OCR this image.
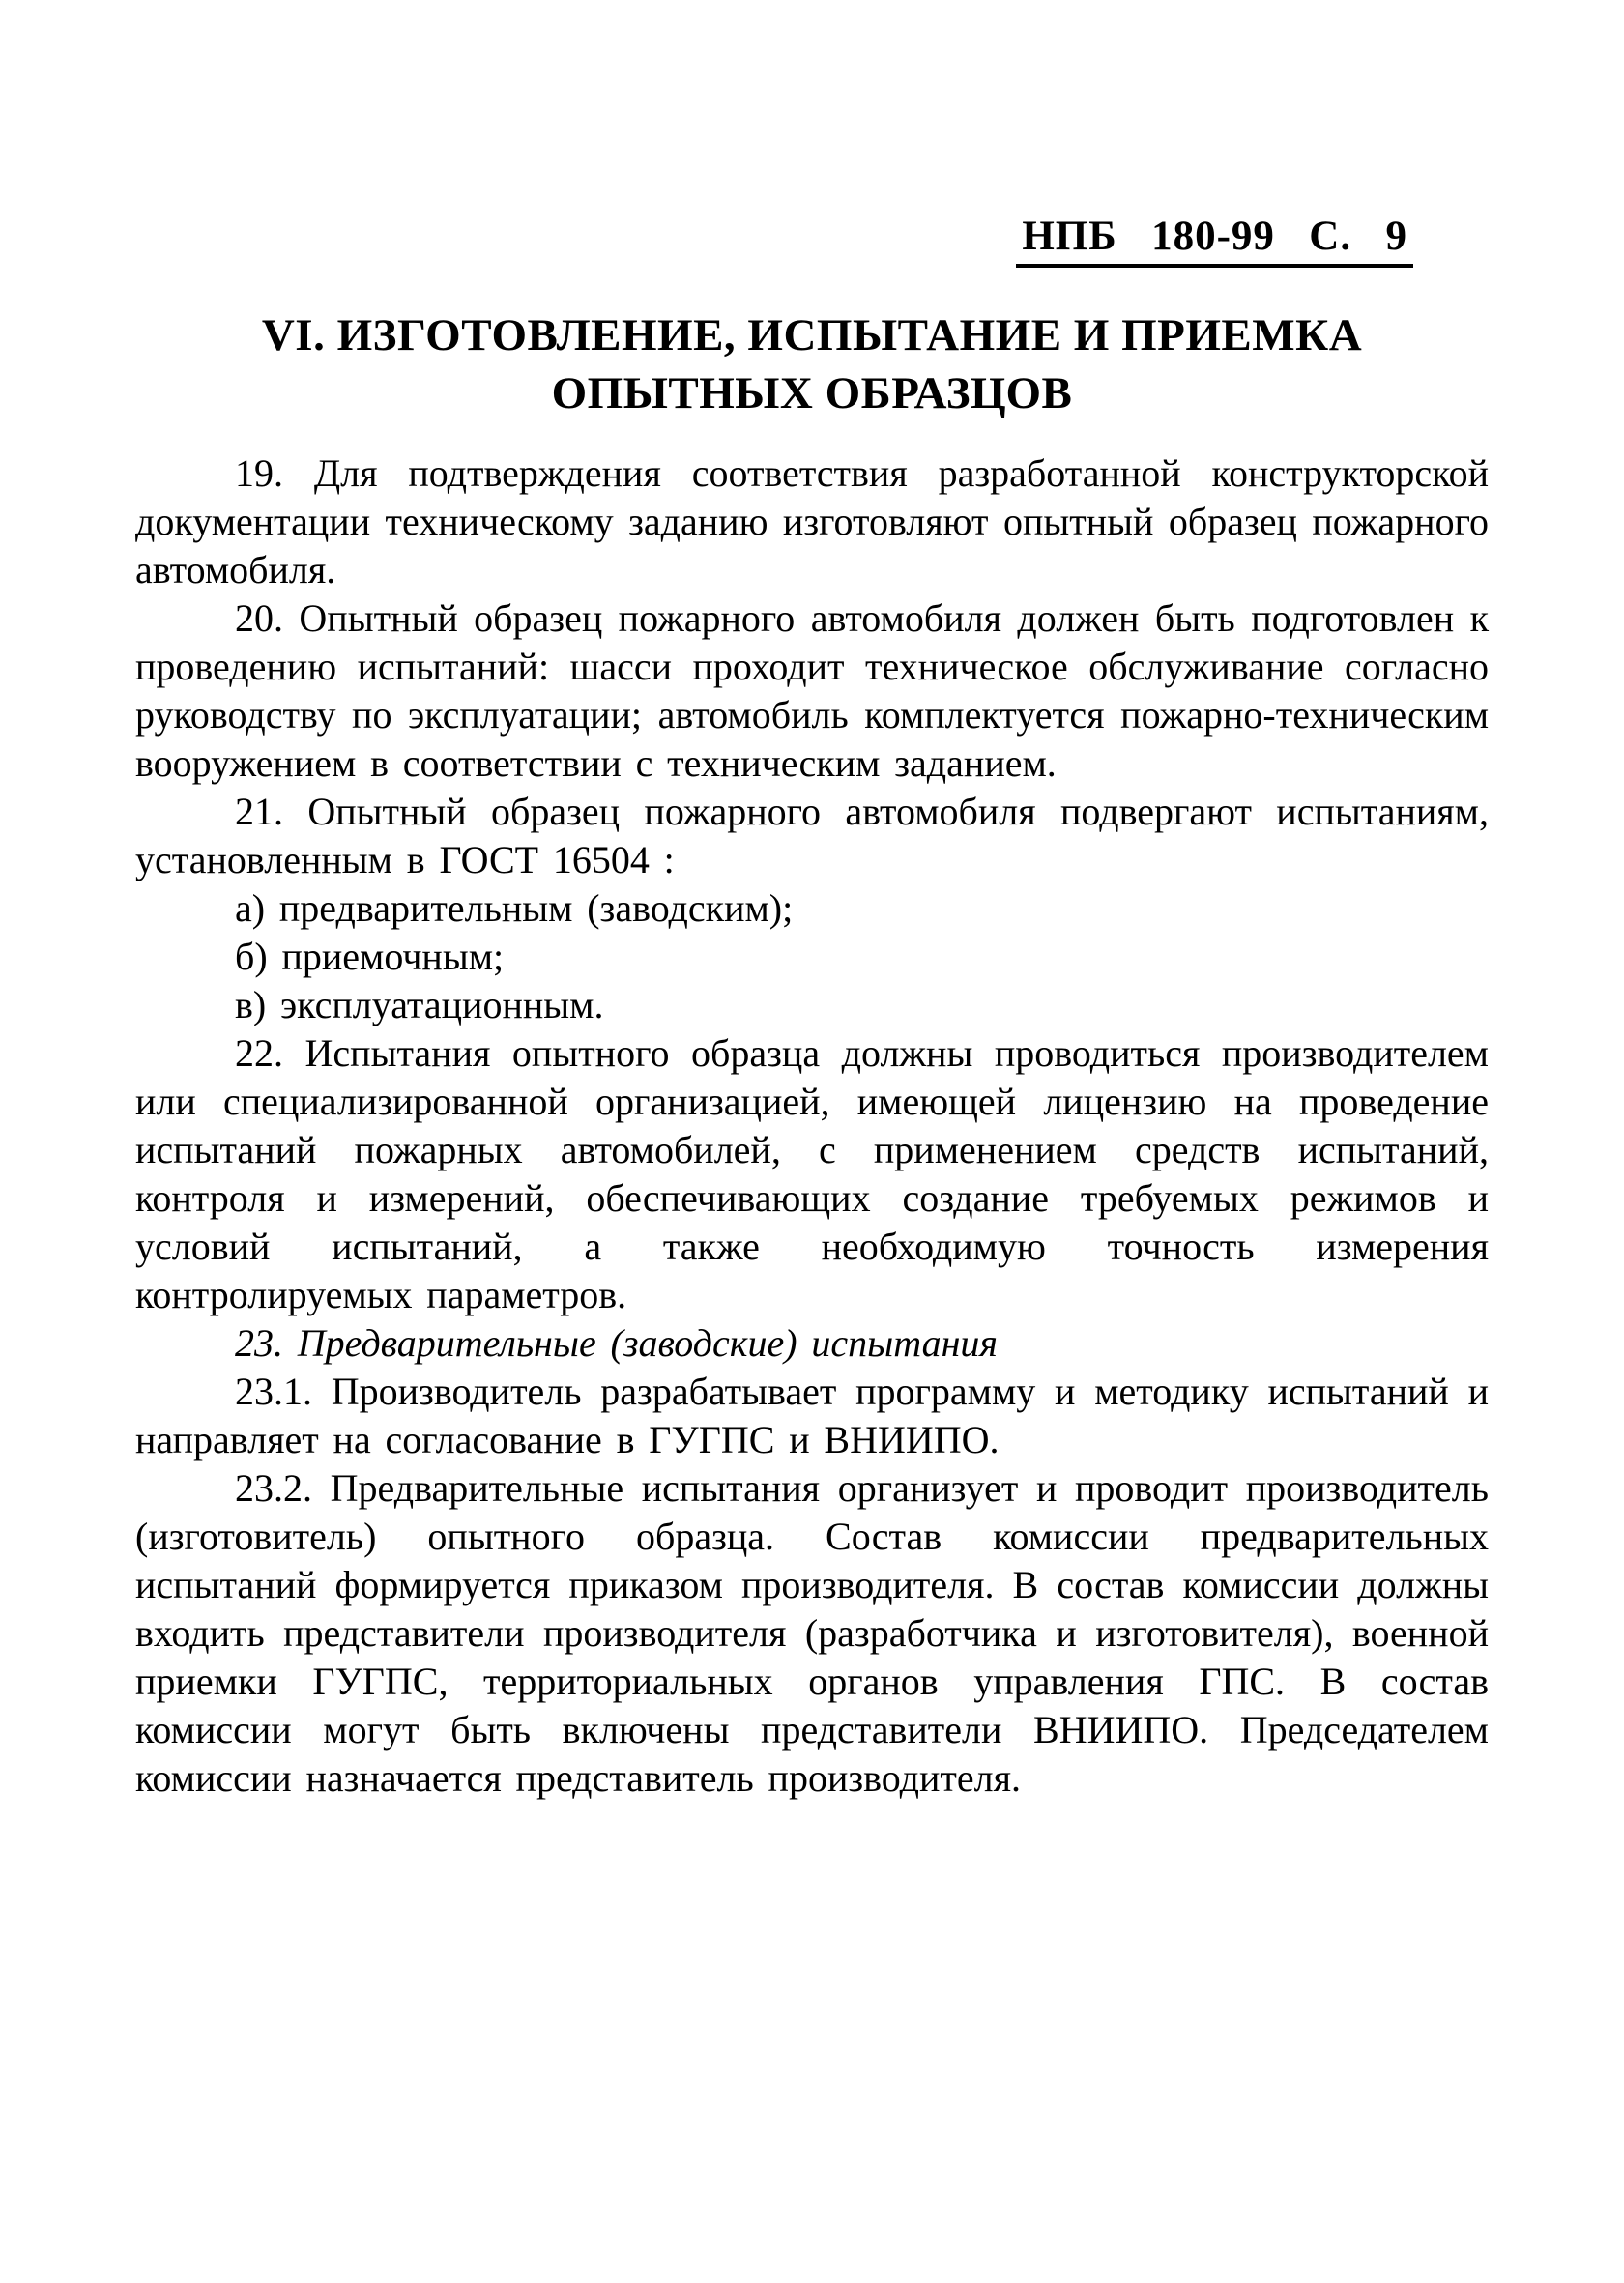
НПБ 180-99 С. 9
VI. ИЗГОТОВЛЕНИЕ, ИСПЫТАНИЕ И ПРИЕМКА
ОПЫТНЫХ ОБРАЗЦОВ

19. Для подтверждения соответствия разработанной конструкторской документации техническому заданию изготовляют опытный образец пожарного автомобиля.

20. Опытный образец пожарного автомобиля должен быть подготовлен к проведению испытаний: шасси проходит техническое обслуживание согласно руководству по эксплуатации; автомобиль комплектуется пожарно-техническим вооружением в соответствии с техническим заданием.

21. Опытный образец пожарного автомобиля подвергают испытаниям, установленным в ГОСТ 16504 :

а) предварительным (заводским);

б) приемочным;

в) эксплуатационным.

22. Испытания опытного образца должны проводиться производителем или специализированной организацией, имеющей лицензию на проведение испытаний пожарных автомобилей, с применением средств испытаний, контроля и измерений, обеспечивающих создание требуемых режимов и условий испытаний, а также необходимую точность измерения контролируемых параметров.

23. Предварительные (заводские) испытания

23.1. Производитель разрабатывает программу и методику испытаний и направляет на согласование в ГУГПС и ВНИИПО.

23.2. Предварительные испытания организует и проводит производитель (изготовитель) опытного образца. Состав комиссии предварительных испытаний формируется приказом производителя. В состав комиссии должны входить представители производителя (разработчика и изготовителя), военной приемки ГУГПС, территориальных органов управления ГПС. В состав комиссии могут быть включены представители ВНИИПО. Председателем комиссии назначается представитель производителя.
